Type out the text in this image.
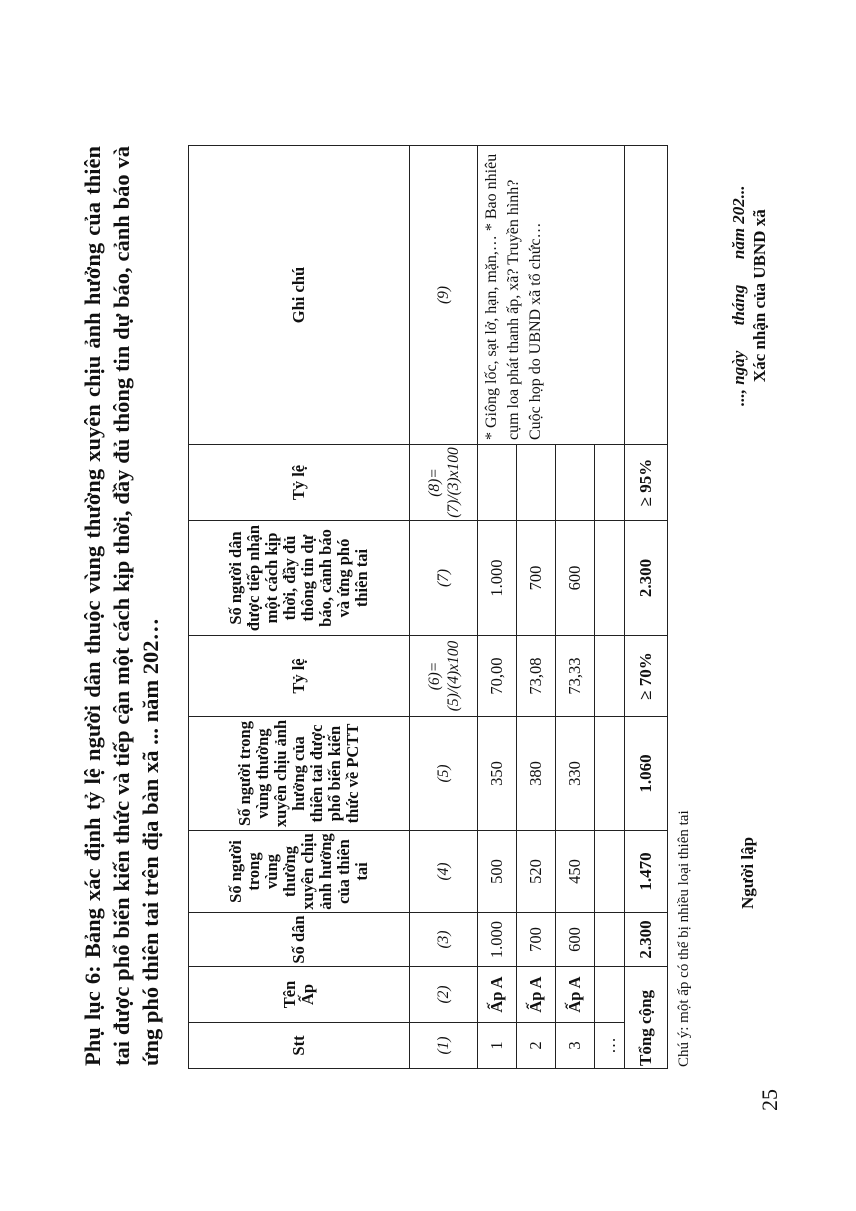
Phụ lục 6: Bảng xác định tỷ lệ người dân thuộc vùng thường xuyên chịu ảnh hưởng của thiên tai được phổ biến kiến thức và tiếp cận một cách kịp thời, đầy đủ thông tin dự báo, cảnh báo và ứng phó thiên tai trên địa bàn xã ... năm 202…	Stt	Tên Ấp	Số dân	Số người trong vùng thường xuyên chịu ảnh hưởng của thiên tai	Số người trong vùng thường xuyên chịu ảnh hưởng của thiên tai được phổ biến kiến thức về PCTT	Tỷ lệ	Số người dân được tiếp nhận một cách kịp thời, đầy đủ thông tin dự báo, cảnh báo và ứng phó thiên tai	Tỷ lệ	Ghi chú
(1)	(2)	(3)	(4)	(5)	(6)=(5)/(4)x100	(7)	(8)=(7)/(3)x100	(9)
1	Ấp A	1.000	500	350	70,00	1.000		* Giông lốc, sạt lở, hạn, mặn,… * Bao nhiêu cụm loa phát thanh ấp, xã? Truyền hình? Cuộc họp do UBND xã tổ chức…
2	Ấp A	700	520	380	73,08	700		
3	Ấp A	600	450	330	73,33	600		
…								
Tổng cộng		2.300	1.470	1.060	≥ 70%	2.300	≥ 95%	
Chú ý: một ấp có thể bị nhiều loại thiên tai	Người lập
..., ngày      tháng      năm 202... Xác nhận của UBND xã
25
